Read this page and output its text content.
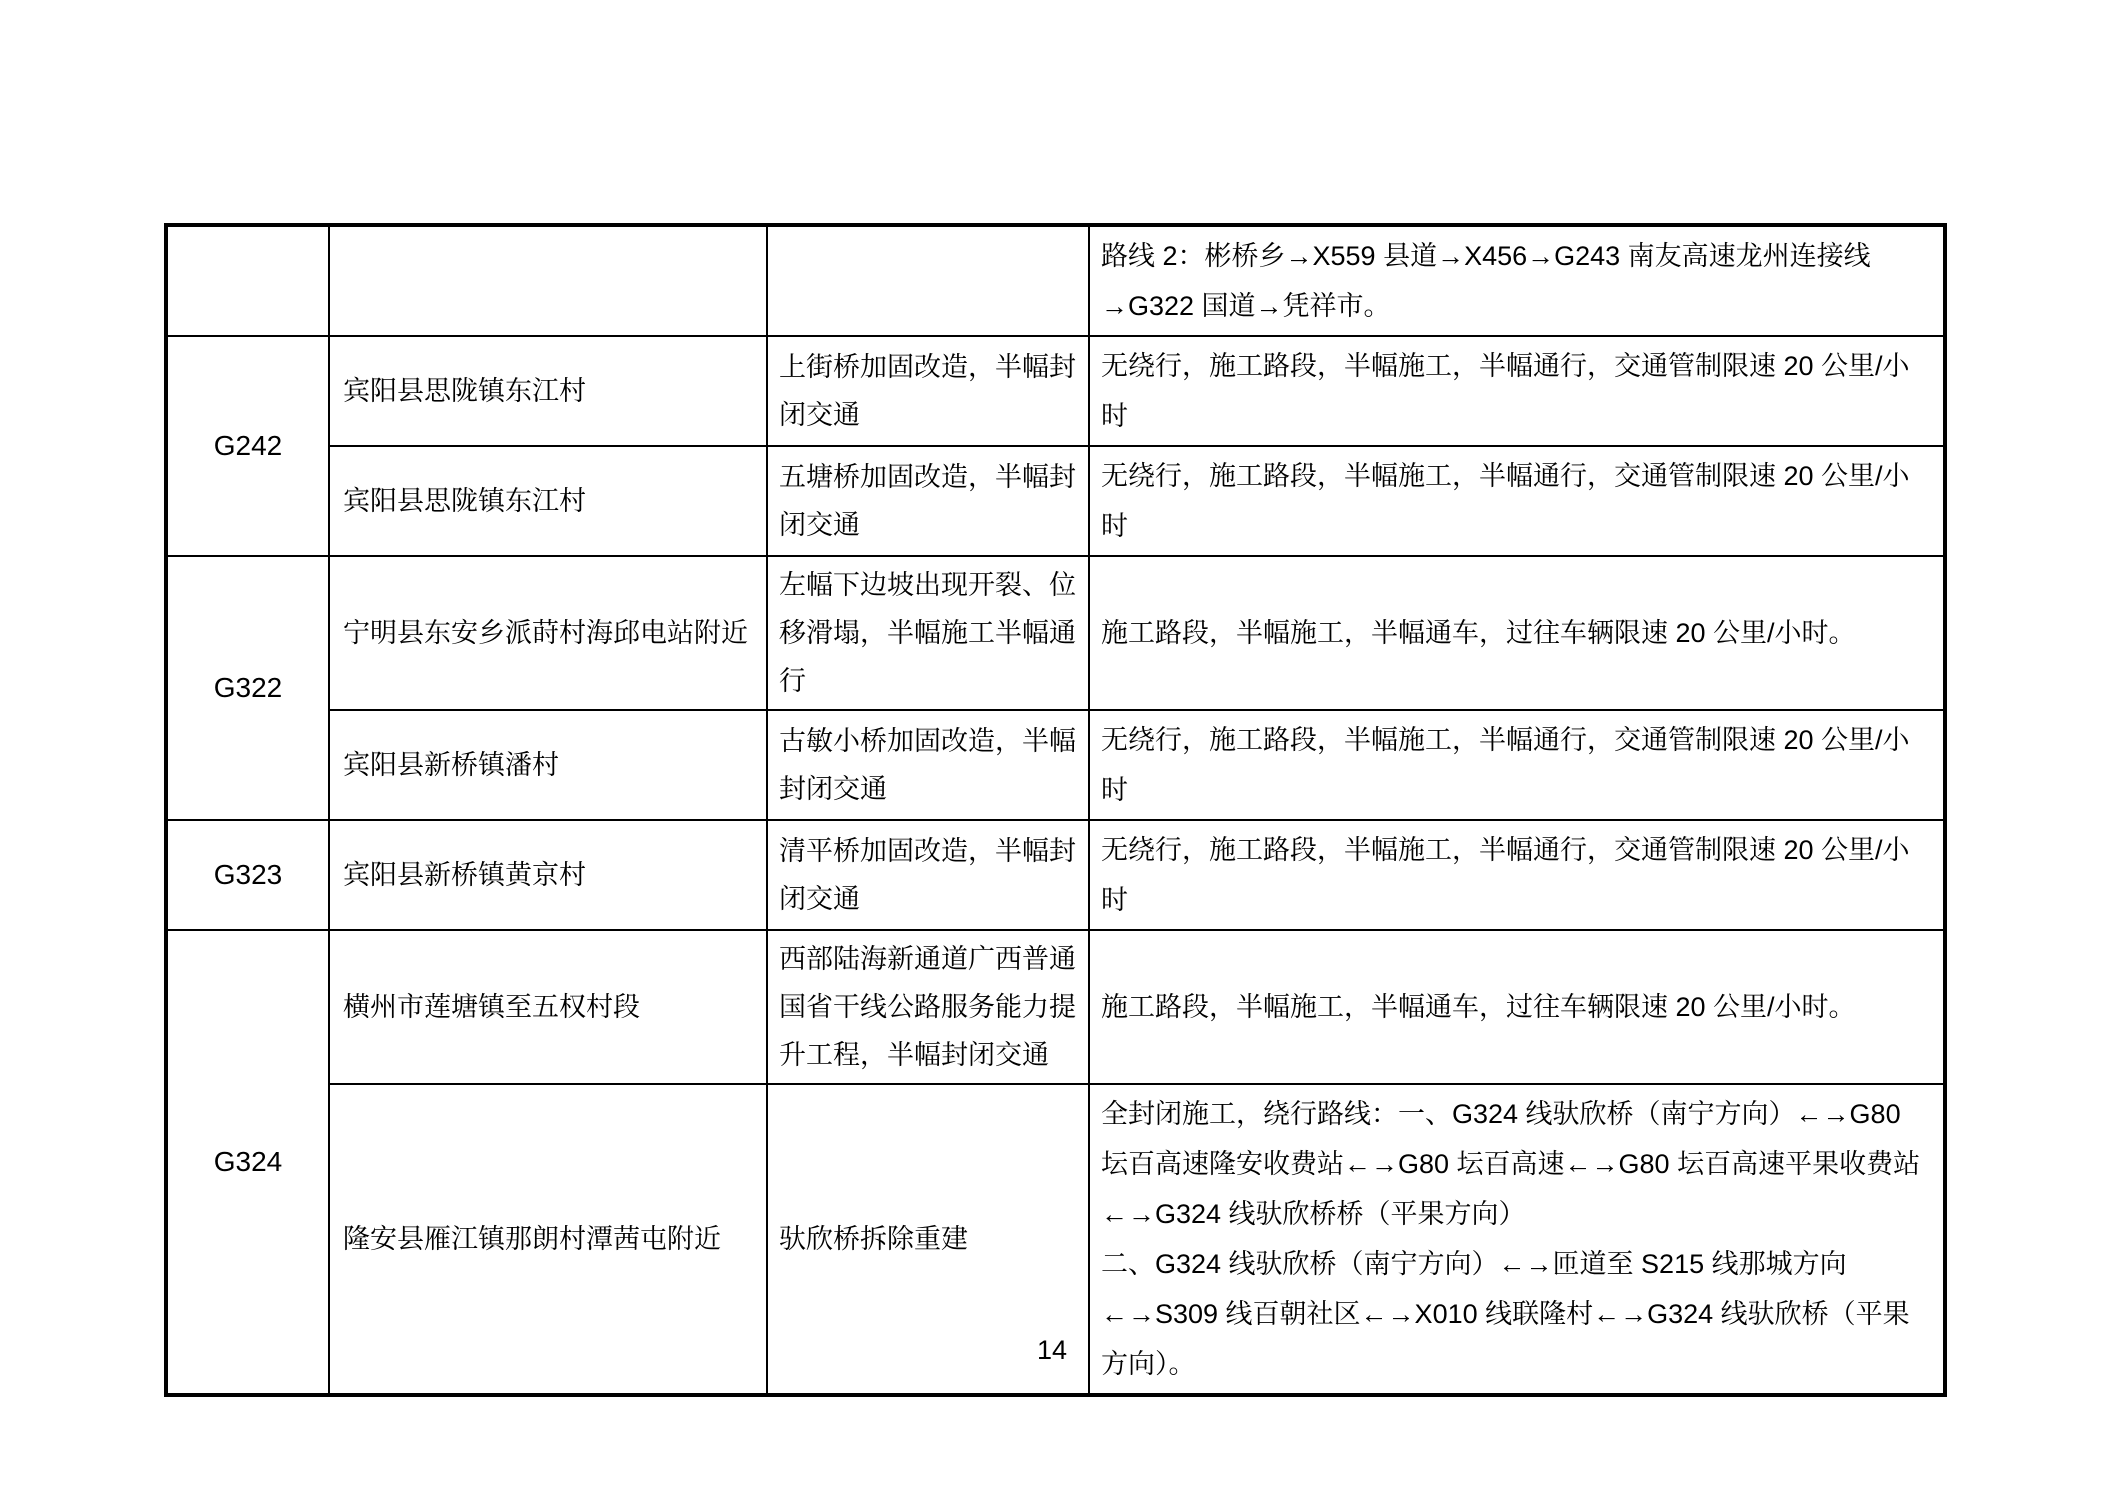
			路线 2：彬桥乡→X559 县道→X456→G243 南友高速龙州连接线→G322 国道→凭祥市。
G242	宾阳县思陇镇东江村	上街桥加固改造，半幅封闭交通	无绕行，施工路段，半幅施工，半幅通行，交通管制限速 20 公里/小时
	宾阳县思陇镇东江村	五塘桥加固改造，半幅封闭交通	无绕行，施工路段，半幅施工，半幅通行，交通管制限速 20 公里/小时
G322	宁明县东安乡派莳村海邱电站附近	左幅下边坡出现开裂、位移滑塌，半幅施工半幅通行	施工路段，半幅施工，半幅通车，过往车辆限速 20 公里/小时。
	宾阳县新桥镇潘村	古敏小桥加固改造，半幅封闭交通	无绕行，施工路段，半幅施工，半幅通行，交通管制限速 20 公里/小时
G323	宾阳县新桥镇黄京村	清平桥加固改造，半幅封闭交通	无绕行，施工路段，半幅施工，半幅通行，交通管制限速 20 公里/小时
G324	横州市莲塘镇至五权村段	西部陆海新通道广西普通国省干线公路服务能力提升工程，半幅封闭交通	施工路段，半幅施工，半幅通车，过往车辆限速 20 公里/小时。
	隆安县雁江镇那朗村潭茜屯附近	驮欣桥拆除重建	全封闭施工，绕行路线：一、G324 线驮欣桥（南宁方向）←→G80 坛百高速隆安收费站←→G80 坛百高速←→G80 坛百高速平果收费站←→G324 线驮欣桥桥（平果方向）
二、G324 线驮欣桥（南宁方向）←→匝道至 S215 线那城方向←→S309 线百朝社区←→X010 线联隆村←→G324 线驮欣桥（平果方向）。
14
